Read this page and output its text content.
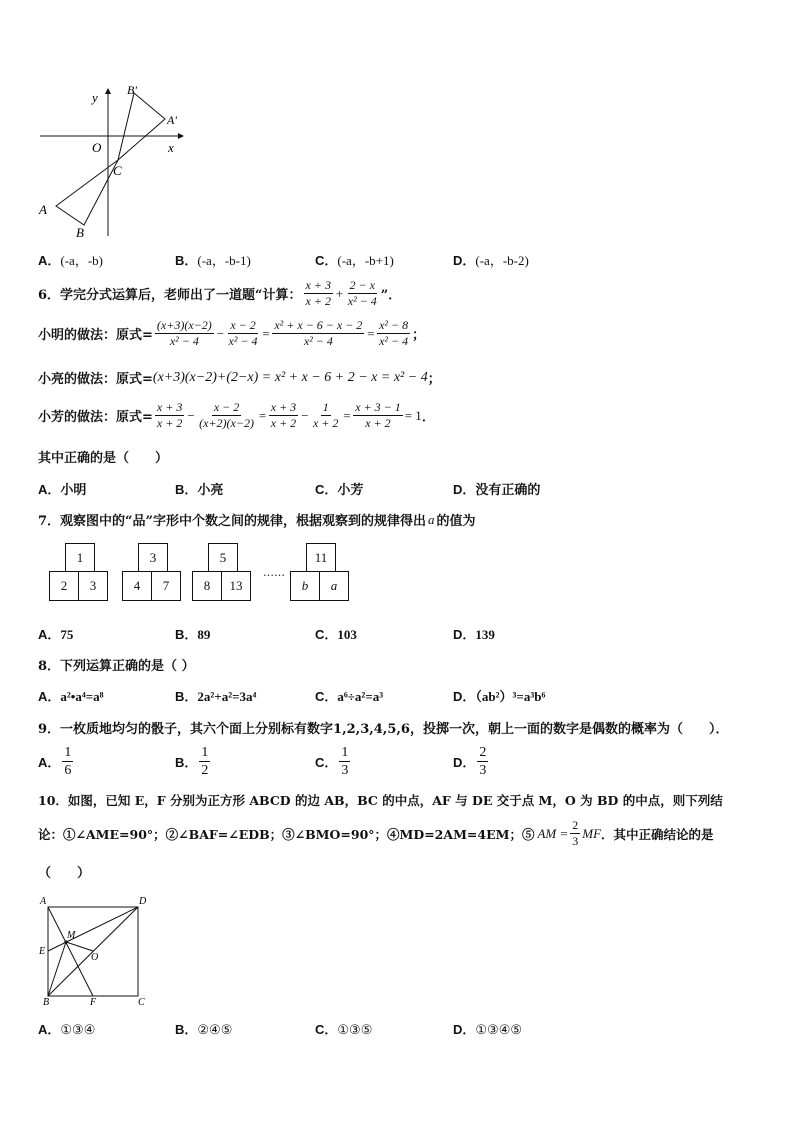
y
x
O
C
A
B
A'
B'
A．(-a，-b)	B．(-a，-b-1)	C．(-a，-b+1)	D．(-a，-b-2)
6．学完分式运算后，老师出了一道题“计算： $\frac{x + 3}{x + 2} + \frac{2 - x}{\text{x² − 4}}$ ”．
小明的做法：原式= $\frac{(x+3)(x-2)}{\text{x² − 4}} - \frac{x - 2}{\text{x² − 4}} = \frac{\text{x² + x − 6 − x − 2}}{\text{x² − 4}} = \frac{\text{x² − 8}}{\text{x² − 4}}$ ；
小亮的做法：原式= (x+3)(x−2)+(2−x) = x² + x − 6 + 2 − x = x² − 4 ；
小芳的做法：原式= $\frac{x + 3}{x + 2} - \frac{x - 2}{(x+2)(x-2)} = \frac{x + 3}{x + 2} - \frac{1}{x + 2} = \frac{x + 3 - 1}{x + 2} = 1$ ．
其中正确的是（　　）
A．小明	B．小亮	C．小芳	D．没有正确的
7．观察图中的“品”字形中个数之间的规律，根据观察到的规律得出 a 的值为
1
2	3
3
4	7
5
8	13
……
11
b	a
A．75	B．89	C．103	D．139
8．下列运算正确的是（ ）
A．a²•a⁴=a⁸	B．2a²+a²=3a⁴	C．a⁶÷a²=a³	D．（ab²）³=a³b⁶
9．一枚质地均匀的骰子，其六个面上分别标有数字1,2,3,4,5,6，投掷一次，朝上一面的数字是偶数的概率为（　　）．
A． $\frac{1}{6}$	B． $\frac{1}{2}$	C． $\frac{1}{3}$	D． $\frac{2}{3}$
10．如图，已知 E，F 分别为正方形 ABCD 的边 AB，BC 的中点，AF 与 DE 交于点 M，O 为 BD 的中点，则下列结
论：①∠AME=90°；②∠BAF=∠EDB；③∠BMO=90°；④MD=2AM=4EM；⑤ AM = $\frac{2}{3}$ MF ．其中正确结论的是
（　　）
A	D
M
E
O
B	F	C
A．①③④	B．②④⑤	C．①③⑤	D．①③④⑤
